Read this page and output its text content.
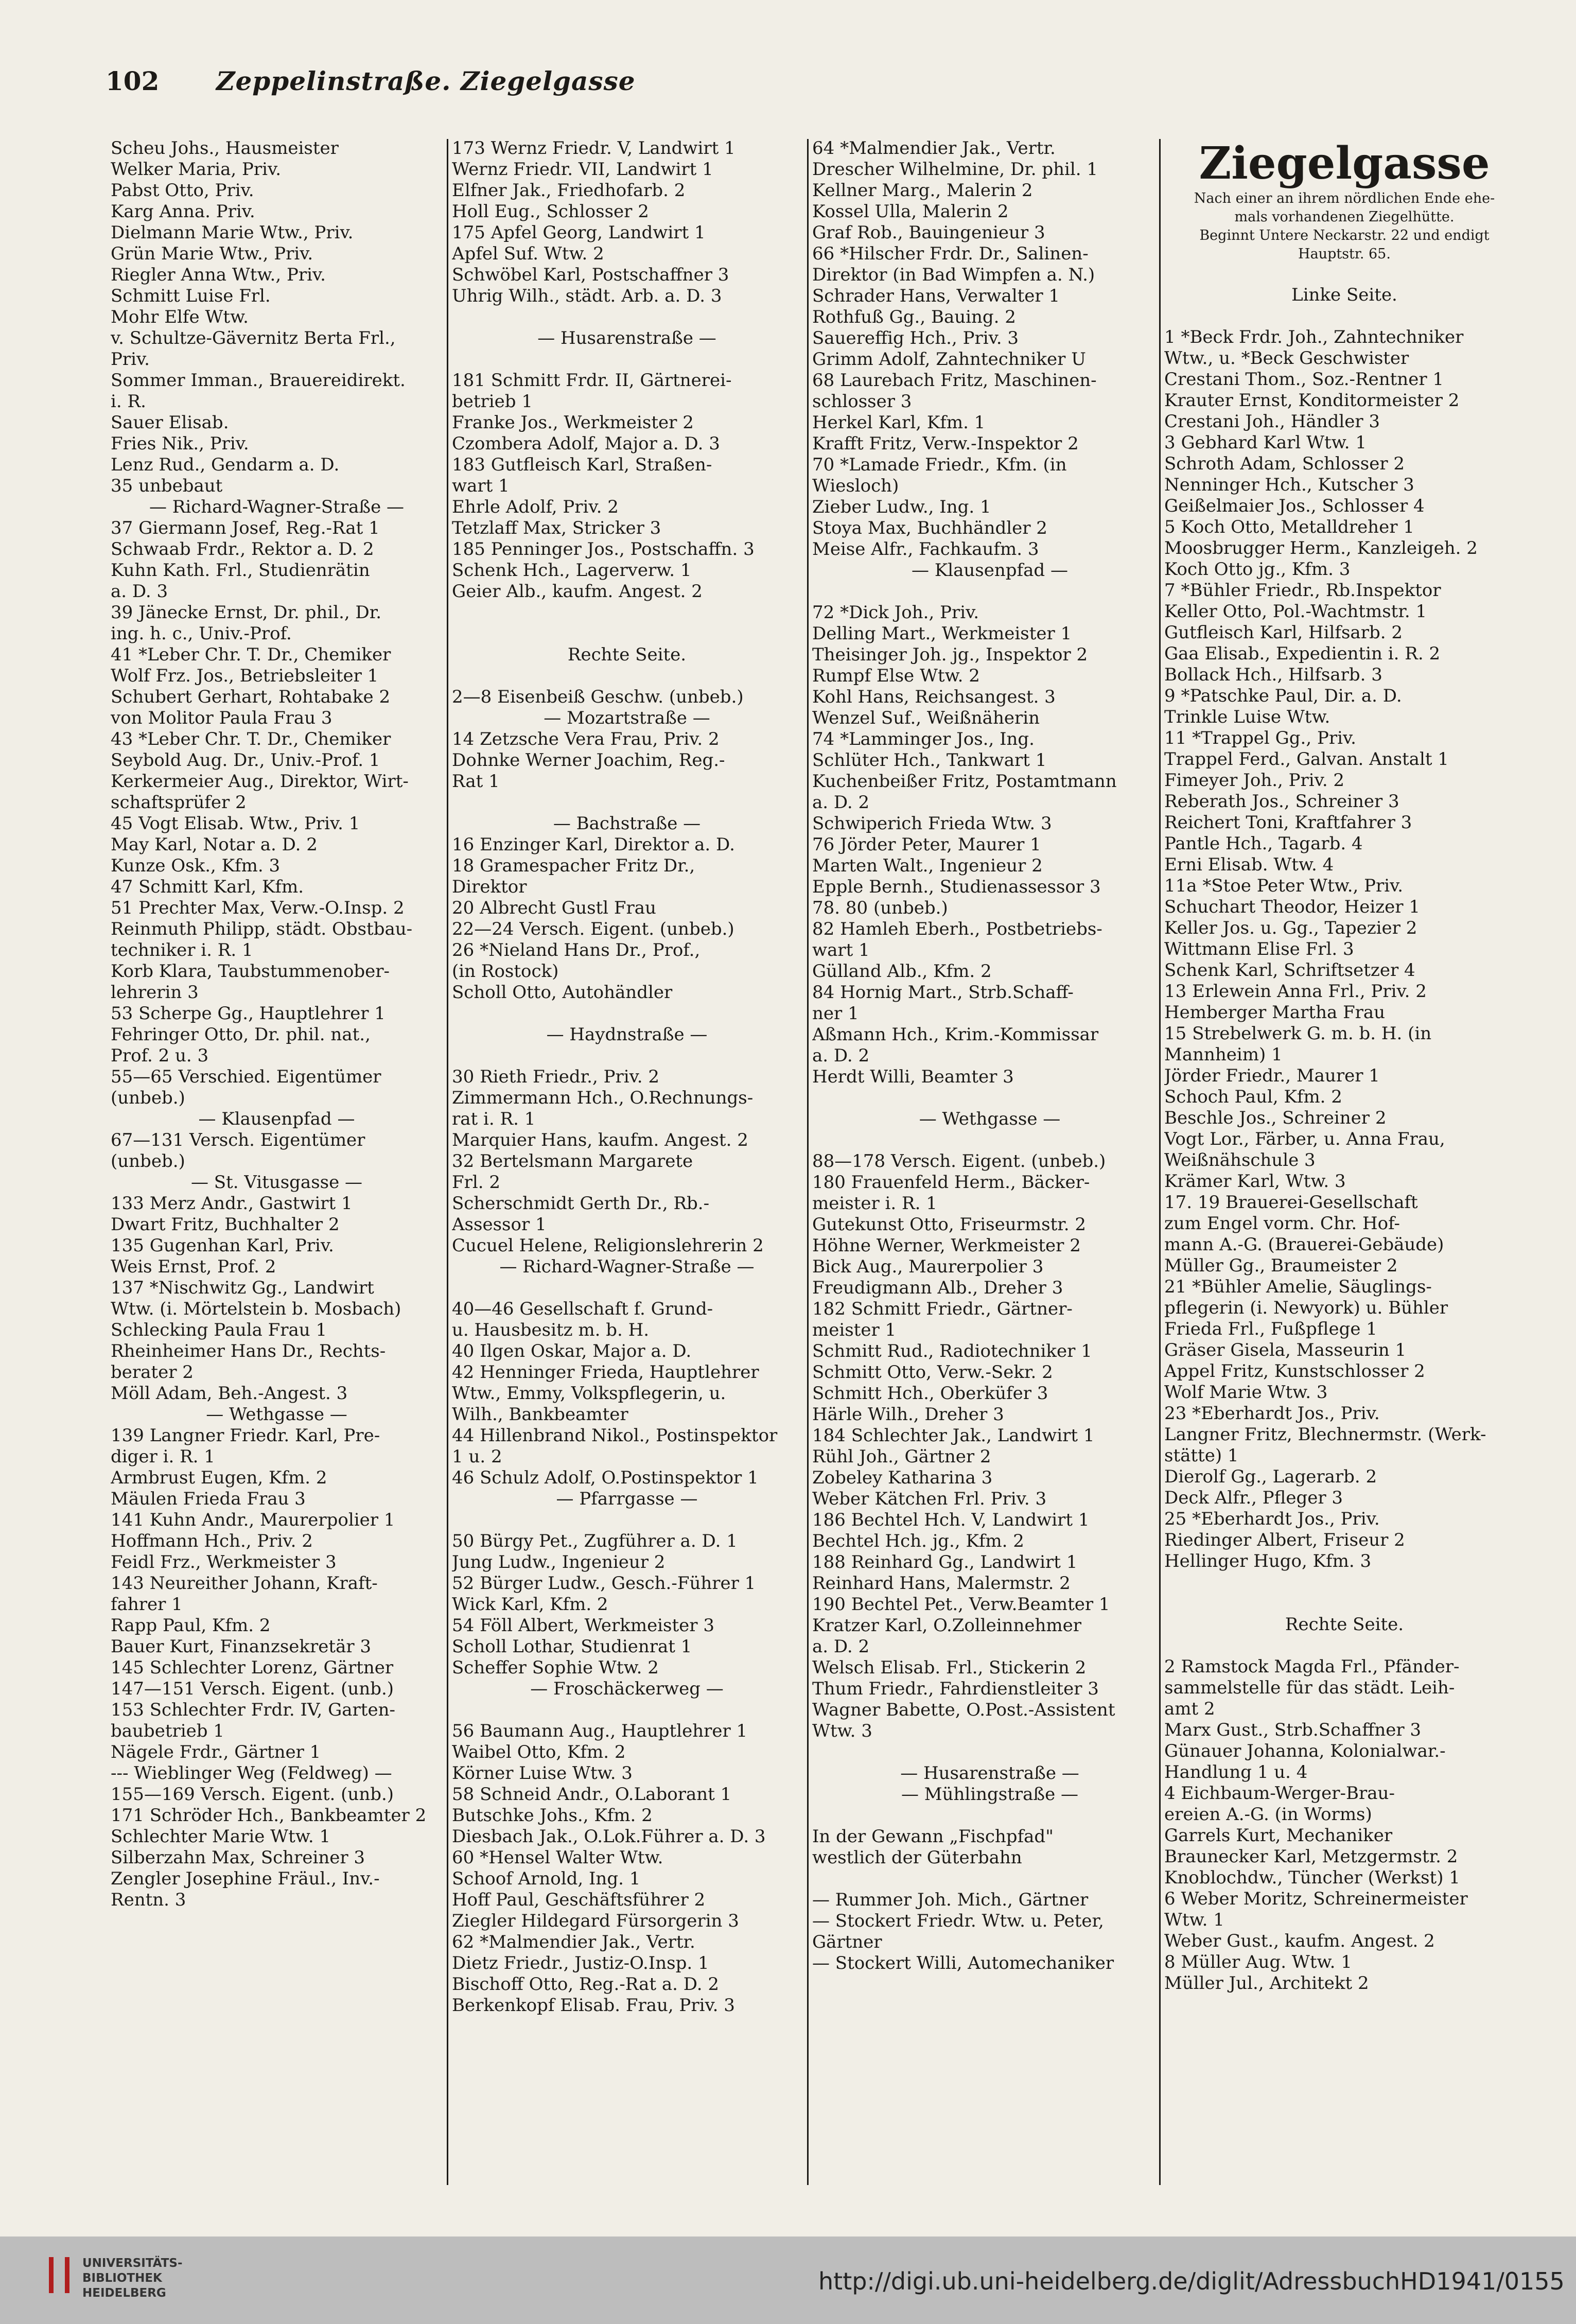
102 Zeppelinstraße. Ziegelgasse
Scheu Johs., Hausmeister
Welker Maria, Priv.
Pabst Otto, Priv.
Karg Anna. Priv.
Dielmann Marie Wtw., Priv.
Grün Marie Wtw., Priv.
Riegler Anna Wtw., Priv.
Schmitt Luise Frl.
Mohr Elfe Wtw.
v. Schultze-Gävernitz Berta Frl.,
Priv.
Sommer Imman., Brauereidirekt.
i. R.
Sauer Elisab.
Fries Nik., Priv.
Lenz Rud., Gendarm a. D.
35 unbebaut
— Richard-Wagner-Straße —
37 Giermann Josef, Reg.-Rat 1
Schwaab Frdr., Rektor a. D. 2
Kuhn Kath. Frl., Studienrätin
a. D. 3
39 Jänecke Ernst, Dr. phil., Dr.
ing. h. c., Univ.-Prof.
41 *Leber Chr. T. Dr., Chemiker
Wolf Frz. Jos., Betriebsleiter 1
Schubert Gerhart, Rohtabake 2
von Molitor Paula Frau 3
43 *Leber Chr. T. Dr., Chemiker
Seybold Aug. Dr., Univ.-Prof. 1
Kerkermeier Aug., Direktor, Wirt-
schaftsprüfer 2
45 Vogt Elisab. Wtw., Priv. 1
May Karl, Notar a. D. 2
Kunze Osk., Kfm. 3
47 Schmitt Karl, Kfm.
51 Prechter Max, Verw.-O.Insp. 2
Reinmuth Philipp, städt. Obstbau-
techniker i. R. 1
Korb Klara, Taubstummenober-
lehrerin 3
53 Scherpe Gg., Hauptlehrer 1
Fehringer Otto, Dr. phil. nat.,
Prof. 2 u. 3
55—65 Verschied. Eigentümer
(unbeb.)
— Klausenpfad —
67—131 Versch. Eigentümer
(unbeb.)
— St. Vitusgasse —
133 Merz Andr., Gastwirt 1
Dwart Fritz, Buchhalter 2
135 Gugenhan Karl, Priv.
Weis Ernst, Prof. 2
137 *Nischwitz Gg., Landwirt
Wtw. (i. Mörtelstein b. Mosbach)
Schlecking Paula Frau 1
Rheinheimer Hans Dr., Rechts-
berater 2
Möll Adam, Beh.-Angest. 3
— Wethgasse —
139 Langner Friedr. Karl, Pre-
diger i. R. 1
Armbrust Eugen, Kfm. 2
Mäulen Frieda Frau 3
141 Kuhn Andr., Maurerpolier 1
Hoffmann Hch., Priv. 2
Feidl Frz., Werkmeister 3
143 Neureither Johann, Kraft-
fahrer 1
Rapp Paul, Kfm. 2
Bauer Kurt, Finanzsekretär 3
145 Schlechter Lorenz, Gärtner
147—151 Versch. Eigent. (unb.)
153 Schlechter Frdr. IV, Garten-
baubetrieb 1
Nägele Frdr., Gärtner 1
--- Wieblinger Weg (Feldweg) —
155—169 Versch. Eigent. (unb.)
171 Schröder Hch., Bankbeamter 2
Schlechter Marie Wtw. 1
Silberzahn Max, Schreiner 3
Zengler Josephine Fräul., Inv.-
Rentn. 3
173 Wernz Friedr. V, Landwirt 1
Wernz Friedr. VII, Landwirt 1
Elfner Jak., Friedhofarb. 2
Holl Eug., Schlosser 2
175 Apfel Georg, Landwirt 1
Apfel Suf. Wtw. 2
Schwöbel Karl, Postschaffner 3
Uhrig Wilh., städt. Arb. a. D. 3

— Husarenstraße —

181 Schmitt Frdr. II, Gärtnerei-
betrieb 1
Franke Jos., Werkmeister 2
Czombera Adolf, Major a. D. 3
183 Gutfleisch Karl, Straßen-
wart 1
Ehrle Adolf, Priv. 2
Tetzlaff Max, Stricker 3
185 Penninger Jos., Postschaffn. 3
Schenk Hch., Lagerverw. 1
Geier Alb., kaufm. Angest. 2

Rechte Seite.

2—8 Eisenbeiß Geschw. (unbeb.)
— Mozartstraße —
14 Zetzsche Vera Frau, Priv. 2
Dohnke Werner Joachim, Reg.-
Rat 1

— Bachstraße —
16 Enzinger Karl, Direktor a. D.
18 Gramespacher Fritz Dr.,
Direktor
20 Albrecht Gustl Frau
22—24 Versch. Eigent. (unbeb.)
26 *Nieland Hans Dr., Prof.,
(in Rostock)
Scholl Otto, Autohändler

— Haydnstraße —

30 Rieth Friedr., Priv. 2
Zimmermann Hch., O.Rechnungs-
rat i. R. 1
Marquier Hans, kaufm. Angest. 2
32 Bertelsmann Margarete
Frl. 2
Scherschmidt Gerth Dr., Rb.-
Assessor 1
Cucuel Helene, Religionslehrerin 2
— Richard-Wagner-Straße —

40—46 Gesellschaft f. Grund-
u. Hausbesitz m. b. H.
40 Ilgen Oskar, Major a. D.
42 Henninger Frieda, Hauptlehrer
Wtw., Emmy, Volkspflegerin, u.
Wilh., Bankbeamter
44 Hillenbrand Nikol., Postinspektor
1 u. 2
46 Schulz Adolf, O.Postinspektor 1
— Pfarrgasse —

50 Bürgy Pet., Zugführer a. D. 1
Jung Ludw., Ingenieur 2
52 Bürger Ludw., Gesch.-Führer 1
Wick Karl, Kfm. 2
54 Föll Albert, Werkmeister 3
Scholl Lothar, Studienrat 1
Scheffer Sophie Wtw. 2
— Froschäckerweg —

56 Baumann Aug., Hauptlehrer 1
Waibel Otto, Kfm. 2
Körner Luise Wtw. 3
58 Schneid Andr., O.Laborant 1
Butschke Johs., Kfm. 2
Diesbach Jak., O.Lok.Führer a. D. 3
60 *Hensel Walter Wtw.
Schoof Arnold, Ing. 1
Hoff Paul, Geschäftsführer 2
Ziegler Hildegard Fürsorgerin 3
62 *Malmendier Jak., Vertr.
Dietz Friedr., Justiz-O.Insp. 1
Bischoff Otto, Reg.-Rat a. D. 2
Berkenkopf Elisab. Frau, Priv. 3
64 *Malmendier Jak., Vertr.
Drescher Wilhelmine, Dr. phil. 1
Kellner Marg., Malerin 2
Kossel Ulla, Malerin 2
Graf Rob., Bauingenieur 3
66 *Hilscher Frdr. Dr., Salinen-
Direktor (in Bad Wimpfen a. N.)
Schrader Hans, Verwalter 1
Rothfuß Gg., Bauing. 2
Sauereffig Hch., Priv. 3
Grimm Adolf, Zahntechniker U
68 Laurebach Fritz, Maschinen-
schlosser 3
Herkel Karl, Kfm. 1
Krafft Fritz, Verw.-Inspektor 2
70 *Lamade Friedr., Kfm. (in
Wiesloch)
Zieber Ludw., Ing. 1
Stoya Max, Buchhändler 2
Meise Alfr., Fachkaufm. 3
— Klausenpfad —

72 *Dick Joh., Priv.
Delling Mart., Werkmeister 1
Theisinger Joh. jg., Inspektor 2
Rumpf Else Wtw. 2
Kohl Hans, Reichsangest. 3
Wenzel Suf., Weißnäherin
74 *Lamminger Jos., Ing.
Schlüter Hch., Tankwart 1
Kuchenbeißer Fritz, Postamtmann
a. D. 2
Schwiperich Frieda Wtw. 3
76 Jörder Peter, Maurer 1
Marten Walt., Ingenieur 2
Epple Bernh., Studienassessor 3
78. 80 (unbeb.)
82 Hamleh Eberh., Postbetriebs-
wart 1
Gülland Alb., Kfm. 2
84 Hornig Mart., Strb.Schaff-
ner 1
Aßmann Hch., Krim.-Kommissar
a. D. 2
Herdt Willi, Beamter 3

— Wethgasse —

88—178 Versch. Eigent. (unbeb.)
180 Frauenfeld Herm., Bäcker-
meister i. R. 1
Gutekunst Otto, Friseurmstr. 2
Höhne Werner, Werkmeister 2
Bick Aug., Maurerpolier 3
Freudigmann Alb., Dreher 3
182 Schmitt Friedr., Gärtner-
meister 1
Schmitt Rud., Radiotechniker 1
Schmitt Otto, Verw.-Sekr. 2
Schmitt Hch., Oberküfer 3
Härle Wilh., Dreher 3
184 Schlechter Jak., Landwirt 1
Rühl Joh., Gärtner 2
Zobeley Katharina 3
Weber Kätchen Frl. Priv. 3
186 Bechtel Hch. V, Landwirt 1
Bechtel Hch. jg., Kfm. 2
188 Reinhard Gg., Landwirt 1
Reinhard Hans, Malermstr. 2
190 Bechtel Pet., Verw.Beamter 1
Kratzer Karl, O.Zolleinnehmer
a. D. 2
Welsch Elisab. Frl., Stickerin 2
Thum Friedr., Fahrdienstleiter 3
Wagner Babette, O.Post.-Assistent
Wtw. 3

— Husarenstraße —
— Mühlingstraße —

In der Gewann „Fischpfad"
westlich der Güterbahn

— Rummer Joh. Mich., Gärtner
— Stockert Friedr. Wtw. u. Peter,
Gärtner
— Stockert Willi, Automechaniker
Ziegelgasse
Nach einer an ihrem nördlichen Ende ehe-
mals vorhandenen Ziegelhütte.
Beginnt Untere Neckarstr. 22 und endigt
Hauptstr. 65.

Linke Seite.

1 *Beck Frdr. Joh., Zahntechniker
Wtw., u. *Beck Geschwister
Crestani Thom., Soz.-Rentner 1
Krauter Ernst, Konditormeister 2
Crestani Joh., Händler 3
3 Gebhard Karl Wtw. 1
Schroth Adam, Schlosser 2
Nenninger Hch., Kutscher 3
Geißelmaier Jos., Schlosser 4
5 Koch Otto, Metalldreher 1
Moosbrugger Herm., Kanzleigeh. 2
Koch Otto jg., Kfm. 3
7 *Bühler Friedr., Rb.Inspektor
Keller Otto, Pol.-Wachtmstr. 1
Gutfleisch Karl, Hilfsarb. 2
Gaa Elisab., Expedientin i. R. 2
Bollack Hch., Hilfsarb. 3
9 *Patschke Paul, Dir. a. D.
Trinkle Luise Wtw.
11 *Trappel Gg., Priv.
Trappel Ferd., Galvan. Anstalt 1
Fimeyer Joh., Priv. 2
Reberath Jos., Schreiner 3
Reichert Toni, Kraftfahrer 3
Pantle Hch., Tagarb. 4
Erni Elisab. Wtw. 4
11a *Stoe Peter Wtw., Priv.
Schuchart Theodor, Heizer 1
Keller Jos. u. Gg., Tapezier 2
Wittmann Elise Frl. 3
Schenk Karl, Schriftsetzer 4
13 Erlewein Anna Frl., Priv. 2
Hemberger Martha Frau
15 Strebelwerk G. m. b. H. (in
Mannheim) 1
Jörder Friedr., Maurer 1
Schoch Paul, Kfm. 2
Beschle Jos., Schreiner 2
Vogt Lor., Färber, u. Anna Frau,
Weißnähschule 3
Krämer Karl, Wtw. 3
17. 19 Brauerei-Gesellschaft
zum Engel vorm. Chr. Hof-
mann A.-G. (Brauerei-Gebäude)
Müller Gg., Braumeister 2
21 *Bühler Amelie, Säuglings-
pflegerin (i. Newyork) u. Bühler
Frieda Frl., Fußpflege 1
Gräser Gisela, Masseurin 1
Appel Fritz, Kunstschlosser 2
Wolf Marie Wtw. 3
23 *Eberhardt Jos., Priv.
Langner Fritz, Blechnermstr. (Werk-
stätte) 1
Dierolf Gg., Lagerarb. 2
Deck Alfr., Pfleger 3
25 *Eberhardt Jos., Priv.
Riedinger Albert, Friseur 2
Hellinger Hugo, Kfm. 3

Rechte Seite.

2 Ramstock Magda Frl., Pfänder-
sammelstelle für das städt. Leih-
amt 2
Marx Gust., Strb.Schaffner 3
Günauer Johanna, Kolonialwar.-
Handlung 1 u. 4
4 Eichbaum-Werger-Brau-
ereien A.-G. (in Worms)
Garrels Kurt, Mechaniker
Braunecker Karl, Metzgermstr. 2
Knoblochdw., Tüncher (Werkst) 1
6 Weber Moritz, Schreinermeister
Wtw. 1
Weber Gust., kaufm. Angest. 2
8 Müller Aug. Wtw. 1
Müller Jul., Architekt 2
UNIVERSITÄTS-
BIBLIOTHEK
HEIDELBERG	http://digi.ub.uni-heidelberg.de/diglit/AdressbuchHD1941/0155
